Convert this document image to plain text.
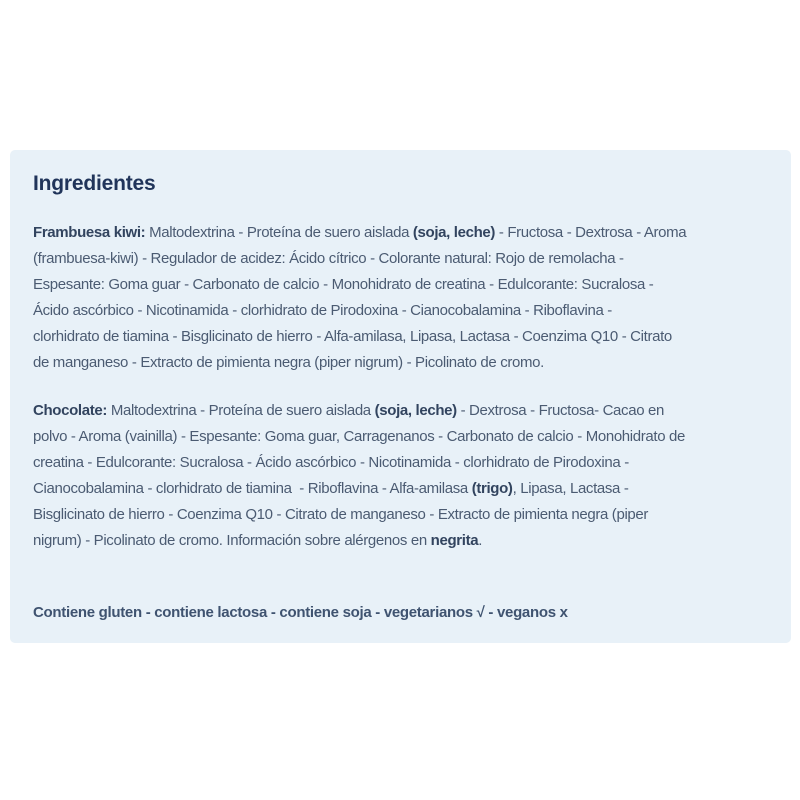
Ingredientes
Frambuesa kiwi: Maltodextrina - Proteína de suero aislada (soja, leche) - Fructosa - Dextrosa - Aroma
(frambuesa-kiwi) - Regulador de acidez: Ácido cítrico - Colorante natural: Rojo de remolacha -
Espesante: Goma guar - Carbonato de calcio - Monohidrato de creatina - Edulcorante: Sucralosa -
Ácido ascórbico - Nicotinamida - clorhidrato de Pirodoxina - Cianocobalamina - Riboflavina -
clorhidrato de tiamina - Bisglicinato de hierro - Alfa-amilasa, Lipasa, Lactasa - Coenzima Q10 - Citrato
de manganeso - Extracto de pimienta negra (piper nigrum) - Picolinato de cromo.
Chocolate: Maltodextrina - Proteína de suero aislada (soja, leche) - Dextrosa - Fructosa- Cacao en
polvo - Aroma (vainilla) - Espesante: Goma guar, Carragenanos - Carbonato de calcio - Monohidrato de
creatina - Edulcorante: Sucralosa - Ácido ascórbico - Nicotinamida - clorhidrato de Pirodoxina -
Cianocobalamina - clorhidrato de tiamina  - Riboflavina - Alfa-amilasa (trigo), Lipasa, Lactasa -
Bisglicinato de hierro - Coenzima Q10 - Citrato de manganeso - Extracto de pimienta negra (piper
nigrum) - Picolinato de cromo. Información sobre alérgenos en negrita.
Contiene gluten - contiene lactosa - contiene soja - vegetarianos √ - veganos x
